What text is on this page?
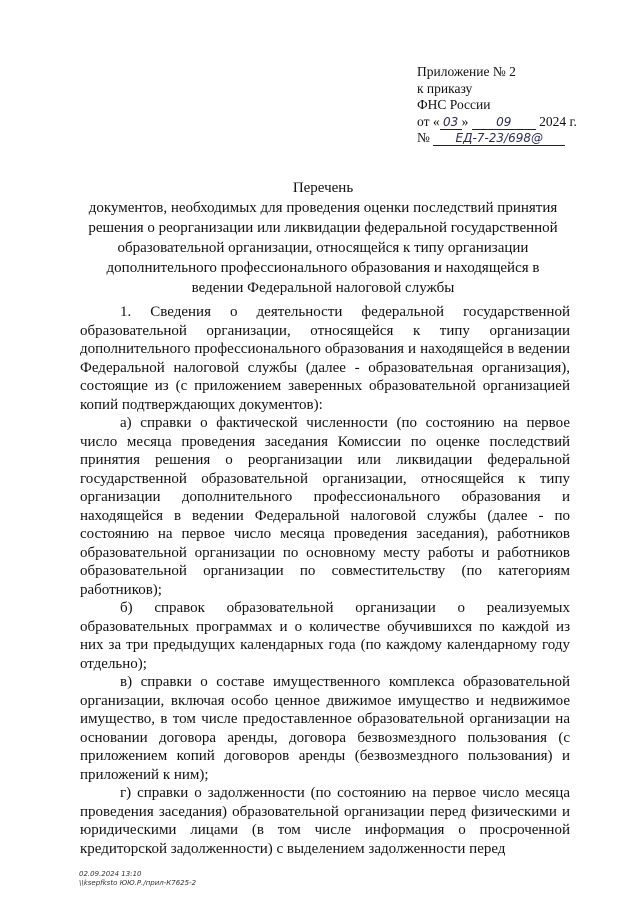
Приложение № 2
к приказу
ФНС России
от « 03 » 09 2024 г.
№ ЕД-7-23/698@
Перечень
документов, необходимых для проведения оценки последствий принятия решения о реорганизации или ликвидации федеральной государственной образовательной организации, относящейся к типу организации дополнительного профессионального образования и находящейся в ведении Федеральной налоговой службы

1. Сведения о деятельности федеральной государственной образовательной организации, относящейся к типу организации дополнительного профессионального образования и находящейся в ведении Федеральной налоговой службы (далее - образовательная организация), состоящие из (с приложением заверенных образовательной организацией копий подтверждающих документов):

а) справки о фактической численности (по состоянию на первое число месяца проведения заседания Комиссии по оценке последствий принятия решения о реорганизации или ликвидации федеральной государственной образовательной организации, относящейся к типу организации дополнительного профессионального образования и находящейся в ведении Федеральной налоговой службы (далее - по состоянию на первое число месяца проведения заседания), работников образовательной организации по основному месту работы и работников образовательной организации по совместительству (по категориям работников);

б) справок образовательной организации о реализуемых образовательных программах и о количестве обучившихся по каждой из них за три предыдущих календарных года (по каждому календарному году отдельно);

в) справки о составе имущественного комплекса образовательной организации, включая особо ценное движимое имущество и недвижимое имущество, в том числе предоставленное образовательной организации на основании договора аренды, договора безвозмездного пользования (с приложением копий договоров аренды (безвозмездного пользования) и приложений к ним);

г) справки о задолженности (по состоянию на первое число месяца проведения заседания) образовательной организации перед физическими и юридическими лицами (в том числе информация о просроченной кредиторской задолженности) с выделением задолженности перед

02.09.2024 13:10
\\ksepfksto ЮЮ.Р./прил-К7625-2
